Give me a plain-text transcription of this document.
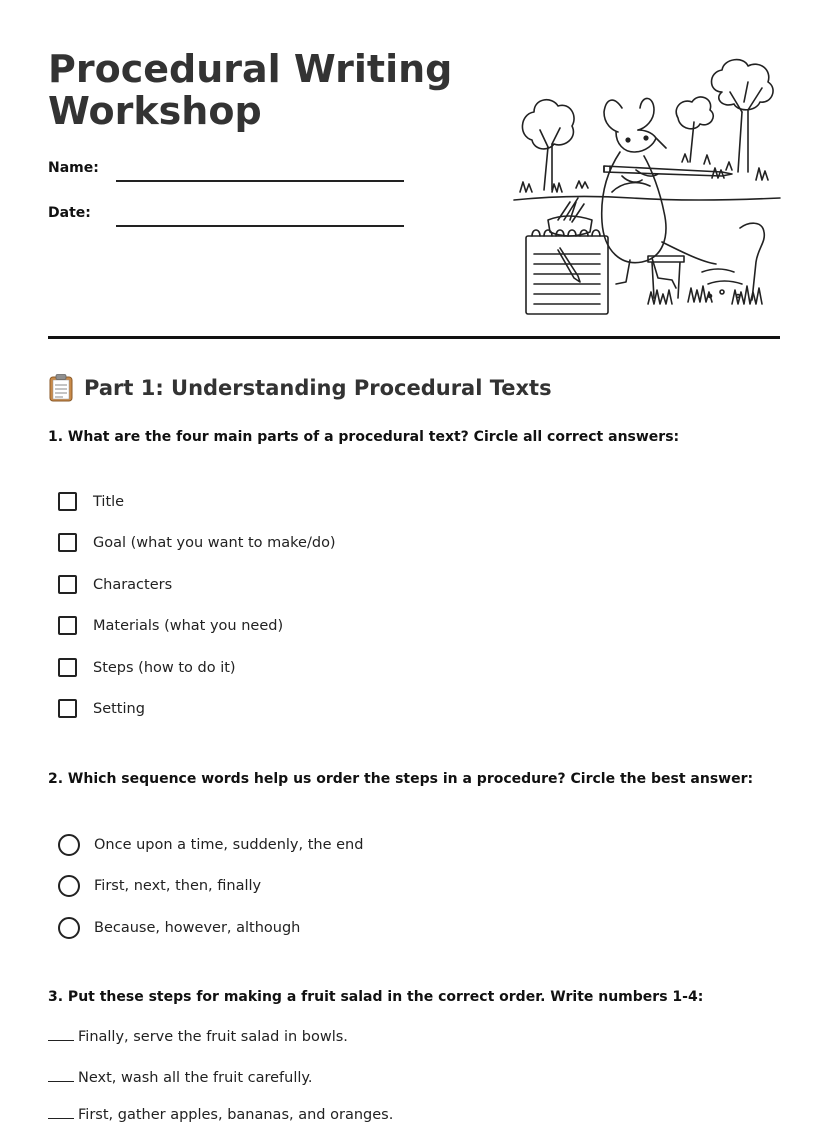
Procedural Writing
Workshop
Name:
Date:
Part 1: Understanding Procedural Texts

1. What are the four main parts of a procedural text? Circle all correct answers:

Title
Goal (what you want to make/do)
Characters
Materials (what you need)
Steps (how to do it)
Setting

2. Which sequence words help us order the steps in a procedure? Circle the best answer:

Once upon a time, suddenly, the end
First, next, then, finally
Because, however, although

3. Put these steps for making a fruit salad in the correct order. Write numbers 1-4:

Finally, serve the fruit salad in bowls.
Next, wash all the fruit carefully.
First, gather apples, bananas, and oranges.
